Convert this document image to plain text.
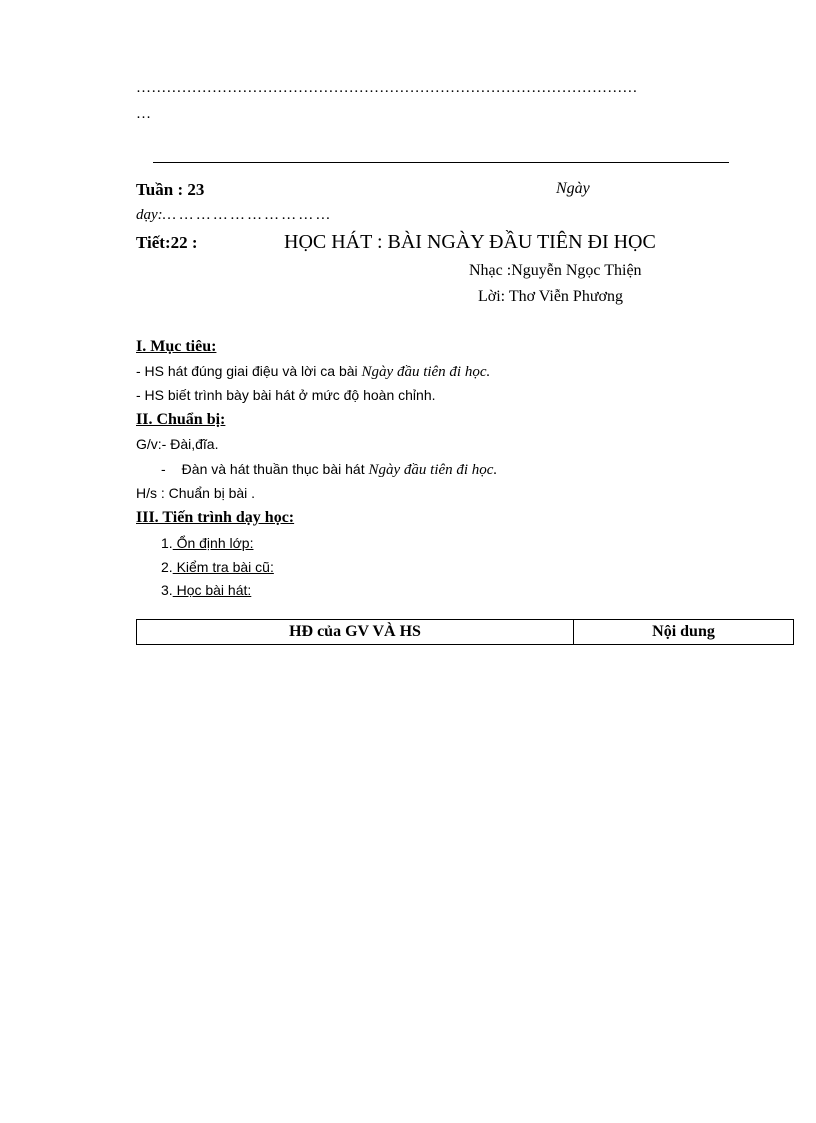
………………………………………………………………………………………
…
Tuần : 23	Ngày
dạy:… … … … … … … … … …
Tiết:22 :	HỌC HÁT : BÀI NGÀY ĐẦU TIÊN ĐI HỌC
Nhạc :Nguyễn Ngọc Thiện
Lời: Thơ Viễn Phương
I. Mục tiêu:
- HS hát đúng giai điệu và lời ca bài Ngày đầu tiên đi học.
- HS biết trình bày bài hát ở mức độ hoàn chỉnh.
II. Chuẩn bị:
G/v:- Đài,đĩa.
- Đàn và hát thuần thục bài hát Ngày đầu tiên đi học.
H/s : Chuẩn bị bài .
III. Tiến trình dạy học:
1. Ổn định lớp:
2. Kiểm tra bài cũ:
3. Học bài hát:
HĐ của GV VÀ HS	Nội dung
